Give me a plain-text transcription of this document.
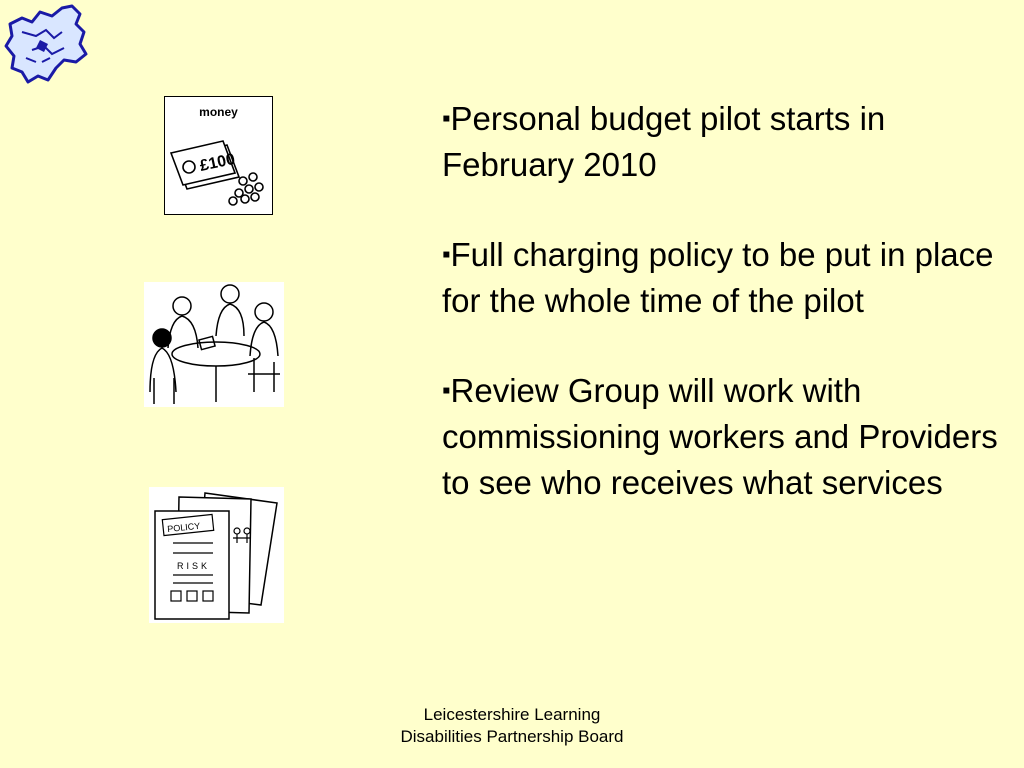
money
£100
POLICY
RISK

▪Personal budget pilot starts in February 2010

▪Full charging policy to be put in place for the whole time of the pilot

▪Review Group will work with commissioning workers and Providers to see who receives what services

Leicestershire Learning
Disabilities Partnership Board
